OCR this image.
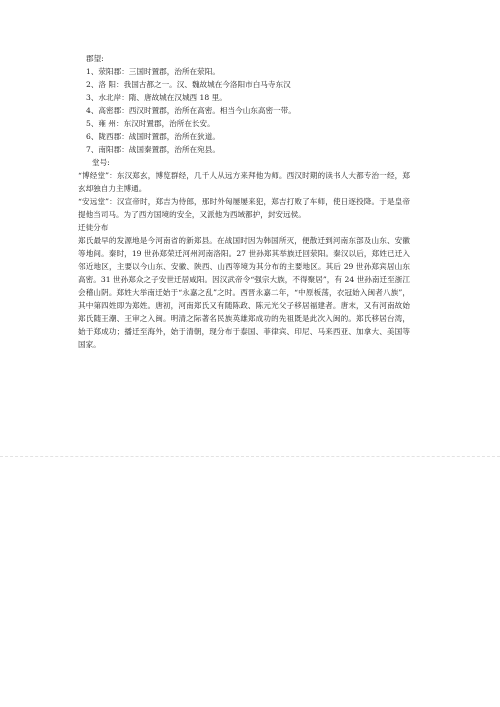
郡望:
1、荥阳郡：三国时置郡，治所在荥阳。
2、洛 阳：我国古都之一。汉、魏故城在今洛阳市白马寺东汉
3、水北岸：隋、唐故城在汉城西 18 里。
4、高密郡：西汉时置郡，治所在高密。相当今山东高密一带。
5、雍 州：东汉时置郡，治所在长安。
6、陇西郡：战国时置郡，治所在狄道。
7、南阳郡：战国秦置郡，治所在宛县。
堂号:
“博经堂”：东汉郑玄，博览群经，几千人从远方来拜他为师。西汉时期的读书人大都专治一经，郑玄却独自力主博通。
“安远堂”：汉宣帝时，郑吉为侍郎，那时外匈屡屡来犯，郑吉打败了车师，使日逐投降。于是皇帝提他当司马。为了西方国境的安全，又派他为西域都护，封安远侯。
迁徙分布
郑氏最早的发源地是今河南省的新郑县。在战国时因为韩国所灭，便散迁到河南东部及山东、安徽等地间。秦时，19 世孙郑荣迁河州河南洛阳。27 世孙郑其举族迁回荥阳。秦汉以后，郑姓已迁入邻近地区，主要以今山东、安徽、陕西、山西等境为其分布的主要地区。其后 29 世孙郑宾居山东高密。31 世孙郑众之子安世迁居咸阳。因汉武帝令“强宗大族，不得聚居”，有 24 世孙南迁至浙江会稽山阴。郑姓大举南迁始于“永嘉之乱”之时。西晋永嘉二年，“中原板荡，衣冠始入闽者八族”，其中第四姓即为郑姓。唐初，河南郑氏又有随陈政、陈元光父子移居福建者。唐末，又有河南故始郑氏随王潮、王审之入闽。明清之际著名民族英雄郑成功的先祖既是此次入闽的。郑氏移居台湾，始于郑成功；播迁至海外，始于清朝，现分布于泰国、菲律宾、印尼、马来西亚、加拿大、美国等国家。
